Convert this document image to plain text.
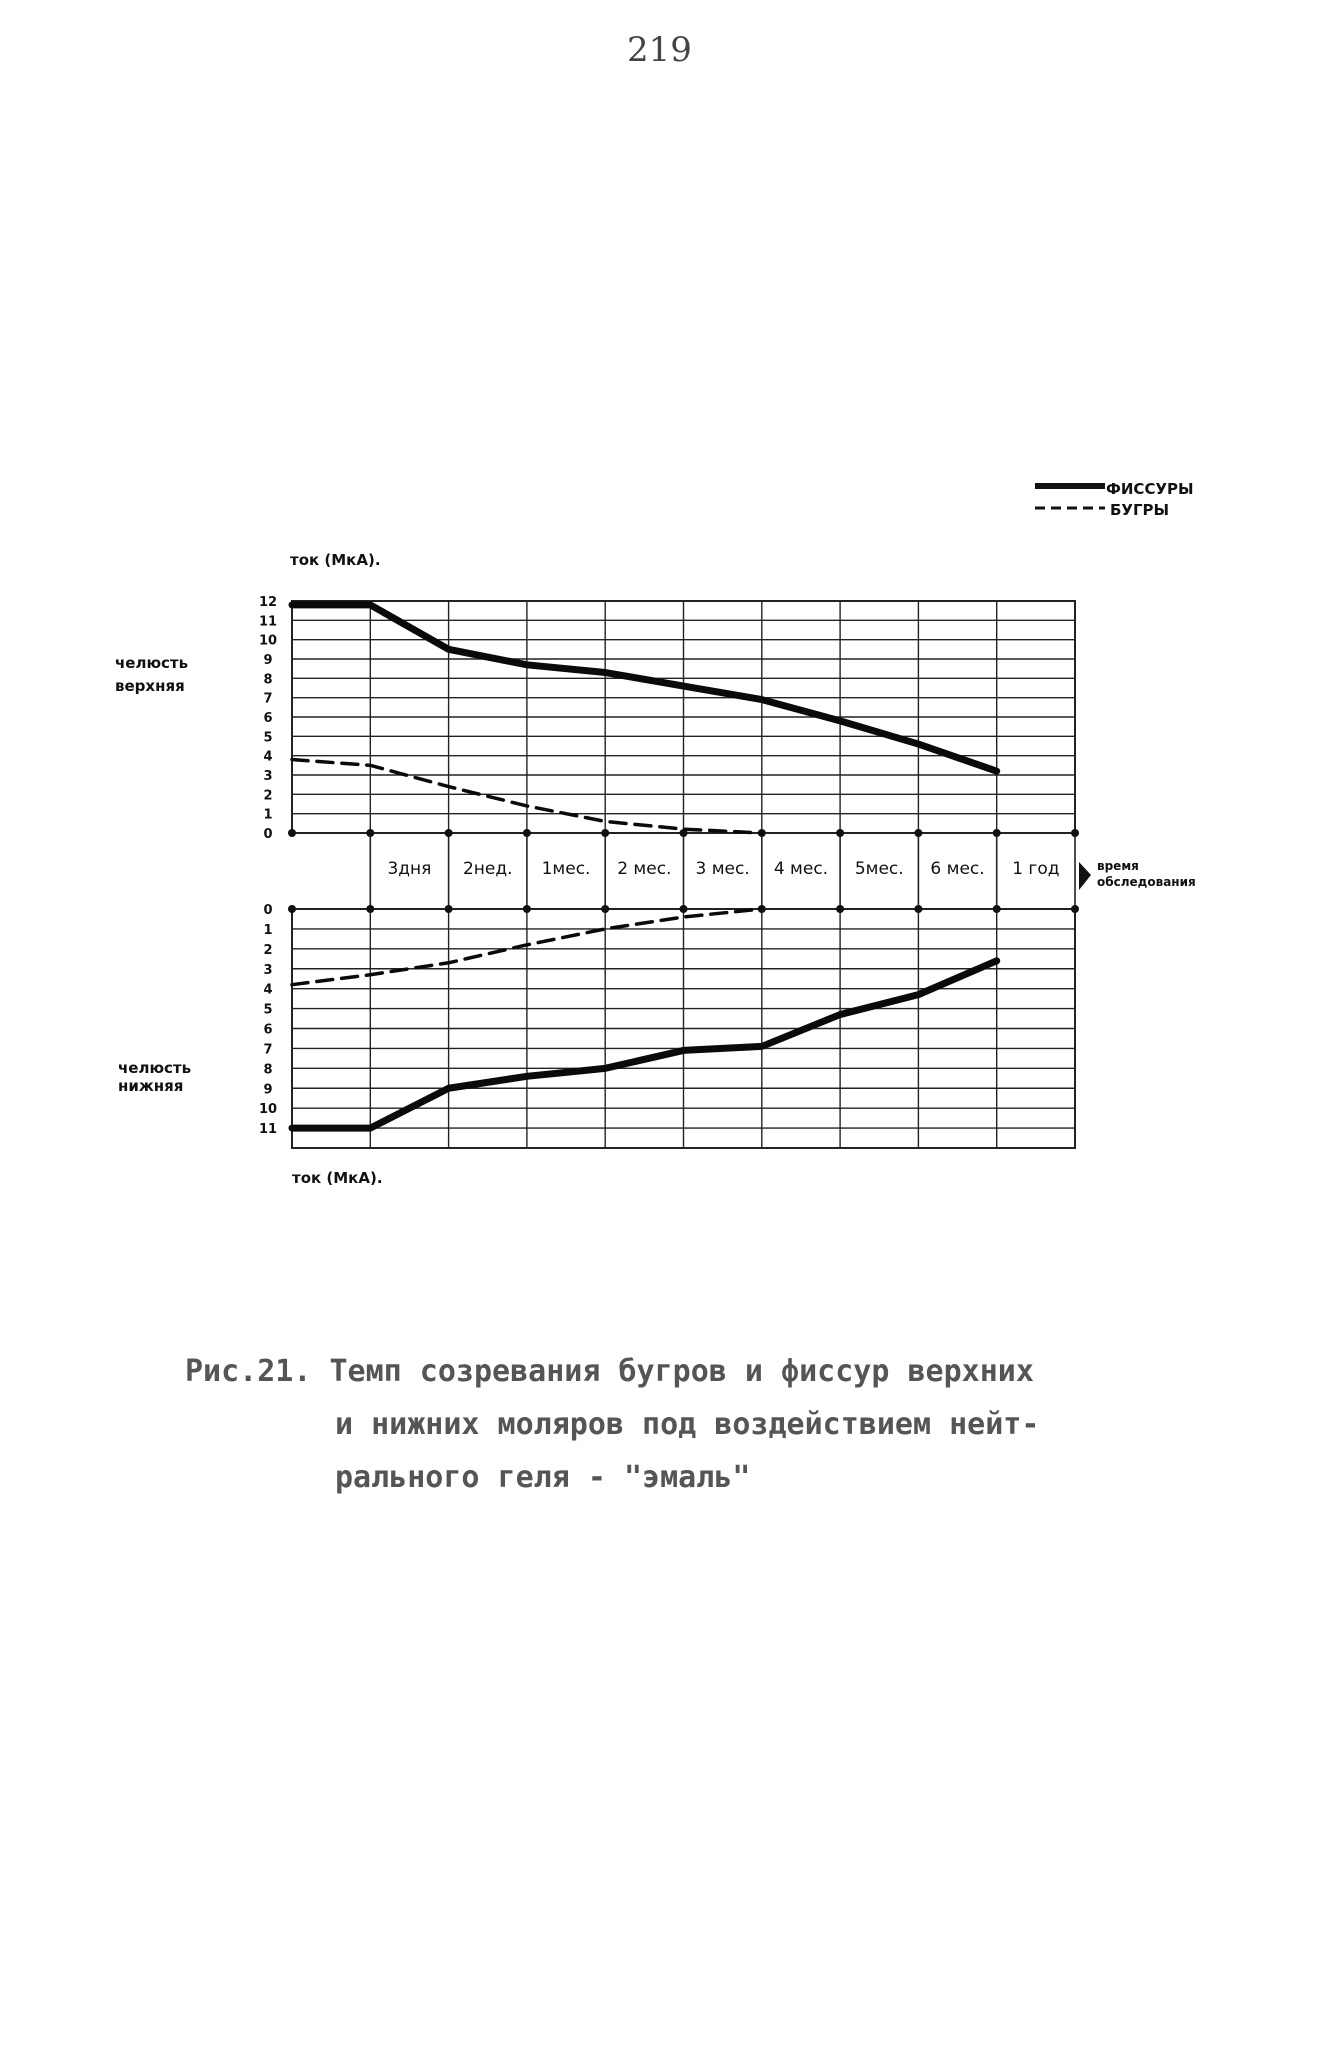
219
ФИССУРЫ
БУГРЫ
ток (МкА).
ток (МкА).
челюсть
верхняя
челюсть
нижняя
время
обследования
3дня 2нед. 1мес. 2 мес. 3 мес. 4 мес. 5мес. 6 мес. 1 год
0
1
2
3
4
5
6
7
8
9
10
11
12
0
1
2
3
4
5
6
7
8
9
10
11
Рис.21. Темп созревания бугров и фиссур верхних
и нижних моляров под воздействием нейт-
рального геля - "эмаль"
